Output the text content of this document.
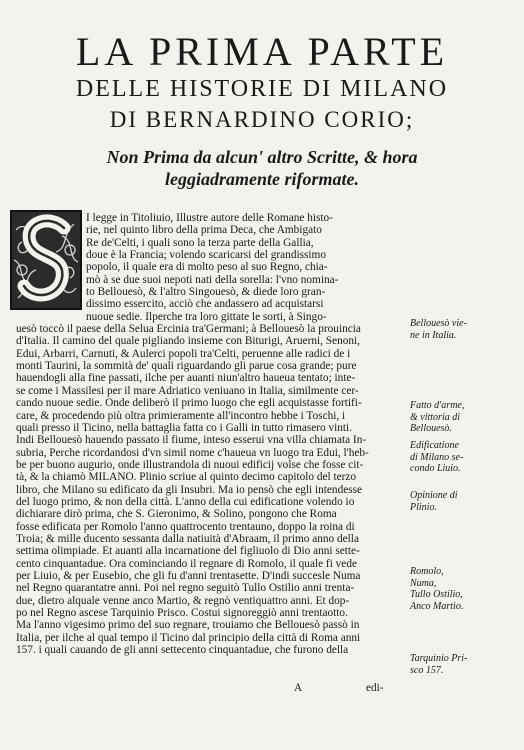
LA PRIMA PARTE
DELLE HISTORIE DI MILANO
DI BERNARDINO CORIO;
Non Prima da alcun' altro Scritte, & hora
leggiadramente riformate.
I legge in Titoliuio, Illustre autore delle Romane histo-
rie, nel quinto libro della prima Deca, che Ambigato
Re de'Celti, i quali sono la terza parte della Gallia,
doue è la Francia; volendo scaricarsi del grandissimo
popolo, il quale era di molto peso al suo Regno, chia-
mò à se due suoi nepoti nati della sorella: l'vno nomina-
to Bellouesò, & l'altro Singouesò, & diede loro gran-
dissimo essercito, acciò che andassero ad acquistarsi
nuoue sedie. Ilperche tra loro gittate le sorti, à Singo-
uesò toccò il paese della Selua Ercinia tra'Germani; à Bellouesò la prouincia
d'Italia. Il camino del quale pigliando insieme con Biturigi, Aruerni, Senoni,
Edui, Arbarri, Carnuti, & Aulerci popoli tra'Celti, peruenne alle radici de i
monti Taurini, la sommità de' quali riguardando gli parue cosa grande; pure
hauendogli alla fine passati, ilche per auanti niun'altro haueua tentato; inte-
se come i Massilesi per il mare Adriatico veniuano in Italia, similmente cer-
cando nuoue sedie. Onde deliberò il primo luogo che egli acquistasse fortifi-
care, & procedendo più oltra primieramente all'incontro hebbe i Toschi, i
quali presso il Ticino, nella battaglia fatta co i Galli in tutto rimasero vinti.
Indi Bellouesò hauendo passato il fiume, inteso esserui vna villa chiamata In-
subria, Perche ricordandosi d'vn simil nome c'haueua vn luogo tra Edui, l'heb-
be per buono augurio, onde illustrandola di nuoui edificij volse che fosse cit-
tà, & la chiamò MILANO. Plinio scriue al quinto decimo capitolo del terzo
libro, che Milano su edificato da gli Insubri. Ma io pensò che egli intendesse
del luogo primo, & non della città. L'anno della cui edificatione volendo io
dichiarare dirò prima, che S. Gieronimo, & Solino, pongono che Roma
fosse edificata per Romolo l'anno quattrocento trentauno, doppo la roina di
Troia; & mille ducento sessanta dalla natiuità d'Abraam, il primo anno della
settima olimpiade. Et auanti alla incarnatione del figliuolo di Dio anni sette-
cento cinquantadue. Ora cominciando il regnare di Romolo, il quale fi vede
per Liuio, & per Eusebio, che gli fu d'anni trentasette. D'indi succesle Numa
nel Regno quarantatre anni. Poi nel regno seguitò Tullo Ostilio anni trenta-
due, dietro alquale venne anco Martio, & regnò ventiquattro anni. Et dop-
po nel Regno ascese Tarquinio Prisco. Costui signoreggiò anni trentaotto.
Ma l'anno vigesimo primo del suo regnare, trouiamo che Bellouesò passò in
Italia, per ilche al qual tempo il Ticino dal principio della città di Roma anni
157. i quali cauando de gli anni settecento cinquantadue, che furono della
A	edi-
Bellouesò vie-
ne in Italia.
Fatto d'arme,
& vittoria di
Bellouesò.
Edificatione
di Milano se-
condo Liuio.
Opinione di
Plinio.
Romolo,
Numa,
Tullo Ostilio,
Anco Martio.
Tarquinio Pri-
sco 157.
